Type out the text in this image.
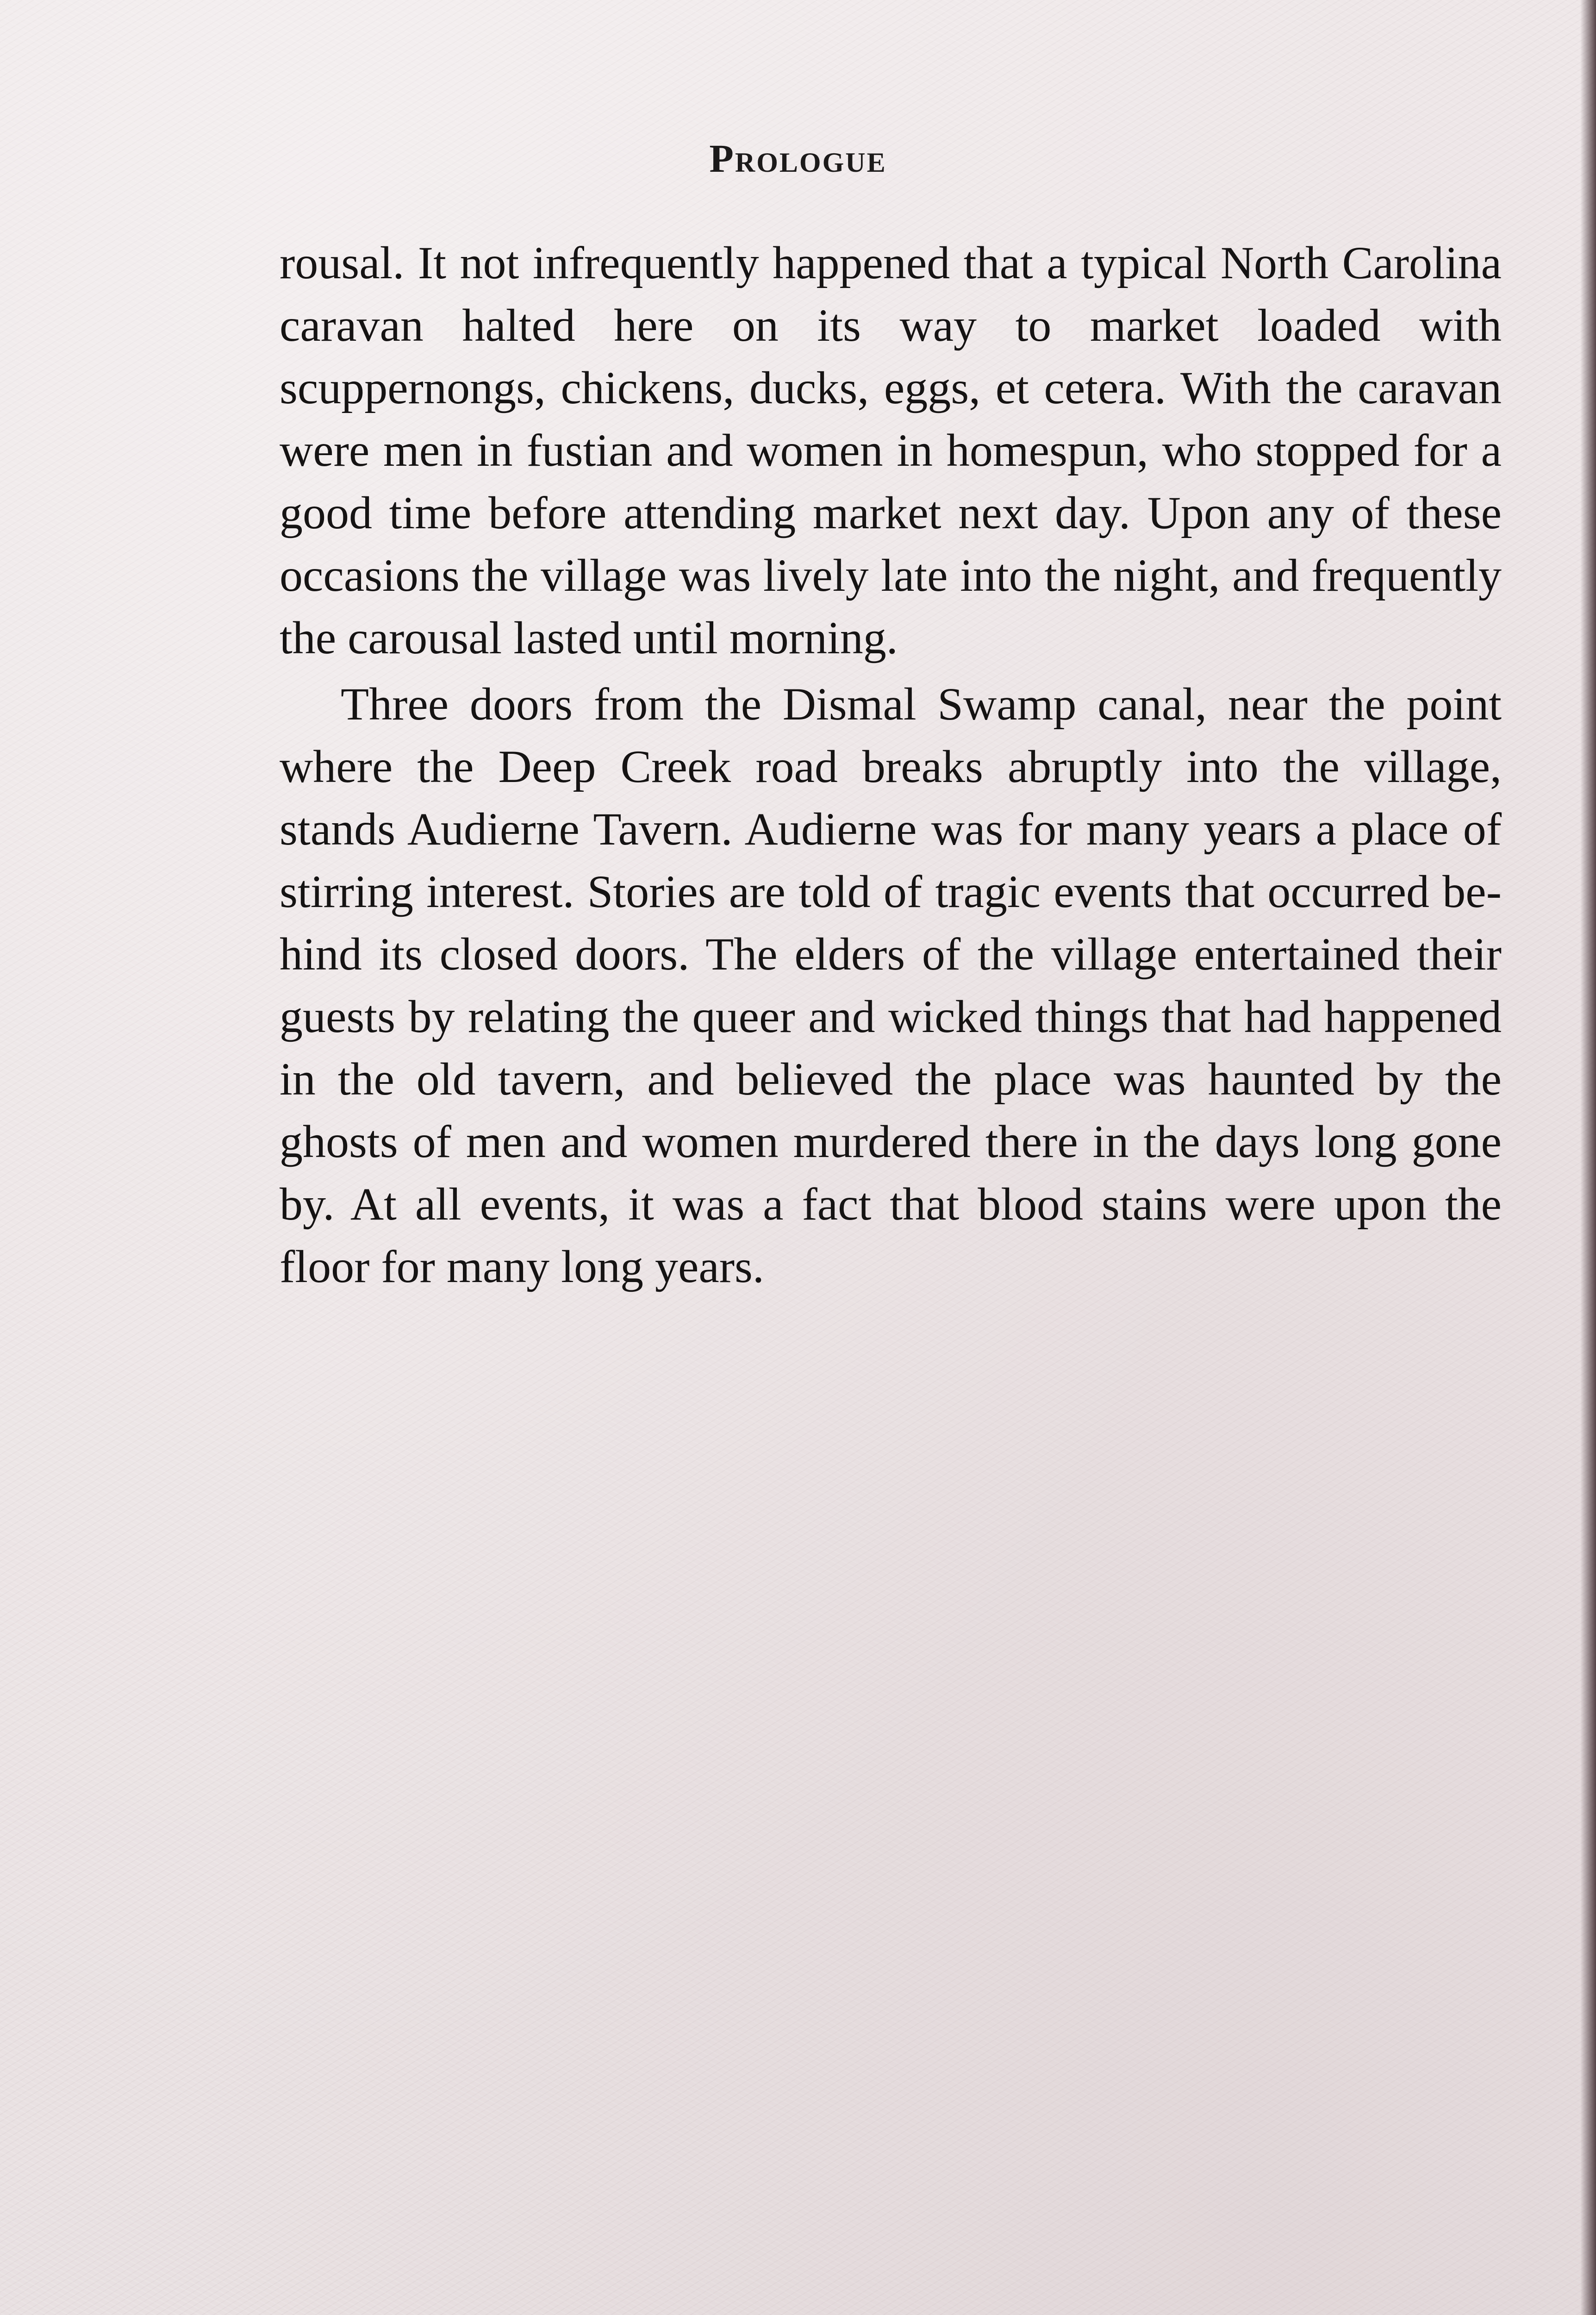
Prologue

rousal. It not infrequently happened that a typical North Carolina caravan halted here on its way to market loaded with scuppernongs, chickens, ducks, eggs, et cetera. With the caravan were men in fustian and women in homespun, who stopped for a good time before attending market next day. Upon any of these occasions the village was lively late into the night, and frequently the carousal lasted until morning.

Three doors from the Dismal Swamp canal, near the point where the Deep Creek road breaks abruptly into the village, stands Audierne Tavern. Audierne was for many years a place of stirring interest. Stories are told of tragic events that occurred behind its closed doors. The elders of the village entertained their guests by relating the queer and wicked things that had happened in the old tavern, and believed the place was haunted by the ghosts of men and women murdered there in the days long gone by. At all events, it was a fact that blood stains were upon the floor for many long years.
